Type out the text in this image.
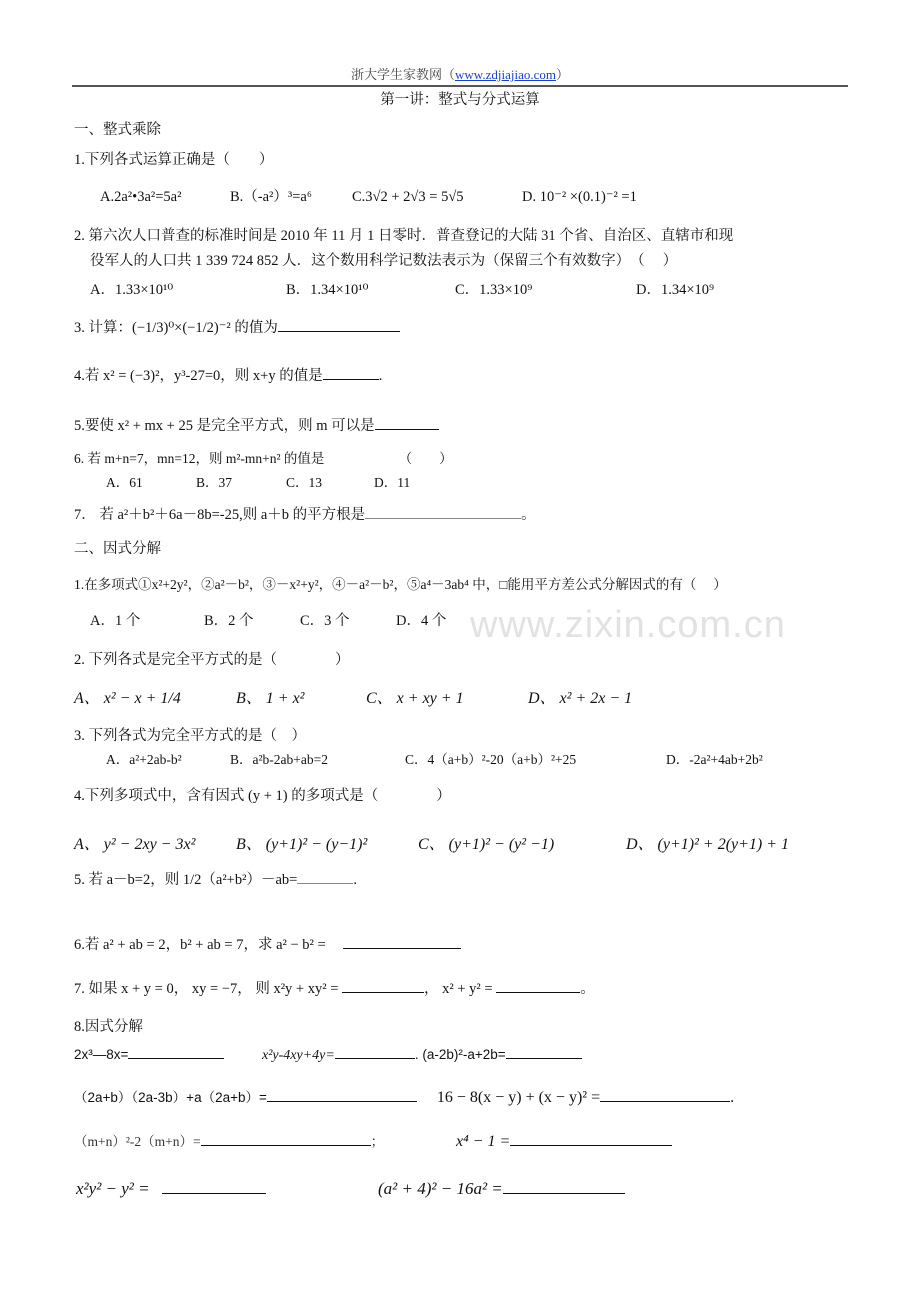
www.zixin.com.cn
浙大学生家教网（www.zdjiajiao.com）
第一讲：整式与分式运算
一、整式乘除
1.下列各式运算正确是（　　）
A.2a²•3a²=5a²	B.（-a²）³=a⁶	C.3√2 + 2√3 = 5√5	D. 10⁻² ×(0.1)⁻² =1
2. 第六次人口普查的标准时间是 2010 年 11 月 1 日零时．普查登记的大陆 31 个省、自治区、直辖市和现
役军人的人口共 1 339 724 852 人．这个数用科学记数法表示为（保留三个有效数字）　（　 ）
A．1.33×10¹⁰	B．1.34×10¹⁰	C．1.33×10⁹	D．1.34×10⁹
3. 计算：(−1/3)⁰×(−1/2)⁻² 的值为
4.若 x² = (−3)²，y³-27=0，则 x+y 的值是	.
5.要使 x² + mx + 25 是完全平方式，则 m 可以是
6. 若 m+n=7，mn=12，则 m²-mn+n² 的值是　　　　　　（　　）
A．61	B．37	C．13	D．11
7． 若 a²＋b²＋6a－8b=-25,则 a＋b 的平方根是	。
二、因式分解
1.在多项式①x²+2y²，②a²－b²，③－x²+y²，④－a²－b²，⑤a⁴－3ab⁴ 中，□能用平方差公式分解因式的有（　 ）
A．1 个	B．2 个	C．3 个	D．4 个
2. 下列各式是完全平方式的是（　　　　）
A、 x² − x + 1/4	B、 1 + x²	C、 x + xy + 1	D、 x² + 2x − 1
3. 下列各式为完全平方式的是（　）
A．a²+2ab-b²	B．a²b-2ab+ab=2	C．4（a+b）²-20（a+b）²+25	D．-2a²+4ab+2b²
4.下列多项式中，含有因式 (y + 1) 的多项式是（　　　　）
A、 y² − 2xy − 3x²	B、 (y+1)² − (y−1)²	C、 (y+1)² − (y² −1)	D、 (y+1)² + 2(y+1) + 1
5. 若 a－b=2，则 1/2（a²+b²）－ab=	.
6.若 a² + ab = 2，b² + ab = 7，求 a² − b² =
7. 如果 x + y = 0， xy = −7， 则 x²y + xy² =	， x² + y² =	。
8.因式分解
2x³—8x=	x²y-4xy+4y=	. (a-2b)²-a+2b=
（2a+b）（2a-3b）+a（2a+b）=	16 − 8(x − y) + (x − y)² =	.
（m+n）²-2（m+n）=	；	x⁴ − 1 =
x²y² − y² =	(a² + 4)² − 16a² =
